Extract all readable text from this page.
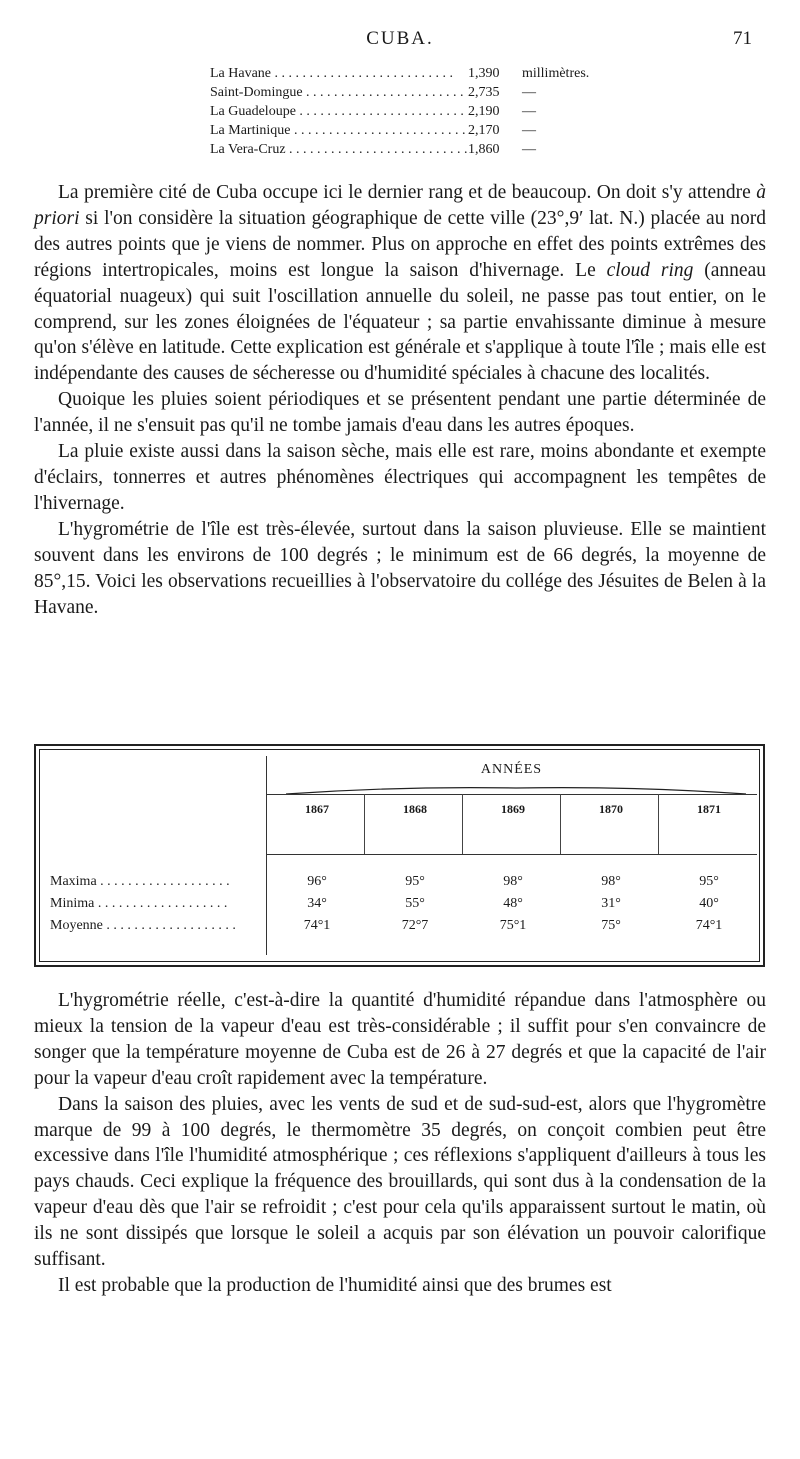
CUBA.	71
La Havane . . .	1,390	millimètres.
Saint-Domingue . . .	2,735	—
La Guadeloupe . . .	2,190	—
La Martinique . . .	2,170	—
La Vera-Cruz . . .	1,860	—

La première cité de Cuba occupe ici le dernier rang et de beaucoup. On doit s'y attendre à priori si l'on considère la situation géographique de cette ville (23°,9′ lat. N.) placée au nord des autres points que je viens de nommer. Plus on approche en effet des points extrêmes des régions intertropicales, moins est longue la saison d'hivernage. Le cloud ring (anneau équatorial nuageux) qui suit l'oscillation annuelle du soleil, ne passe pas tout entier, on le comprend, sur les zones éloignées de l'équateur ; sa partie envahissante diminue à mesure qu'on s'élève en latitude. Cette explication est générale et s'applique à toute l'île ; mais elle est indépendante des causes de sécheresse ou d'humidité spéciales à chacune des localités.

Quoique les pluies soient périodiques et se présentent pendant une partie déterminée de l'année, il ne s'ensuit pas qu'il ne tombe jamais d'eau dans les autres époques.

La pluie existe aussi dans la saison sèche, mais elle est rare, moins abondante et exempte d'éclairs, tonnerres et autres phénomènes électriques qui accompagnent les tempêtes de l'hivernage.

L'hygrométrie de l'île est très-élevée, surtout dans la saison pluvieuse. Elle se maintient souvent dans les environs de 100 degrés ; le minimum est de 66 degrés, la moyenne de 85°,15. Voici les observations recueillies à l'observatoire du collége des Jésuites de Belen à la Havane.

ANNÉES
1867	1868	1869	1870	1871
Maxima . . .	96°	95°	98°	98°	95°
Minima . . .	34°	55°	48°	31°	40°
Moyenne . . .	74°1	72°7	75°1	75°	74°1

L'hygrométrie réelle, c'est-à-dire la quantité d'humidité répandue dans l'atmosphère ou mieux la tension de la vapeur d'eau est très-considérable ; il suffit pour s'en convaincre de songer que la température moyenne de Cuba est de 26 à 27 degrés et que la capacité de l'air pour la vapeur d'eau croît rapidement avec la température.

Dans la saison des pluies, avec les vents de sud et de sud-sud-est, alors que l'hygromètre marque de 99 à 100 degrés, le thermomètre 35 degrés, on conçoit combien peut être excessive dans l'île l'humidité atmosphérique ; ces réflexions s'appliquent d'ailleurs à tous les pays chauds. Ceci explique la fréquence des brouillards, qui sont dus à la condensation de la vapeur d'eau dès que l'air se refroidit ; c'est pour cela qu'ils apparaissent surtout le matin, où ils ne sont dissipés que lorsque le soleil a acquis par son élévation un pouvoir calorifique suffisant.

Il est probable que la production de l'humidité ainsi que des brumes est
